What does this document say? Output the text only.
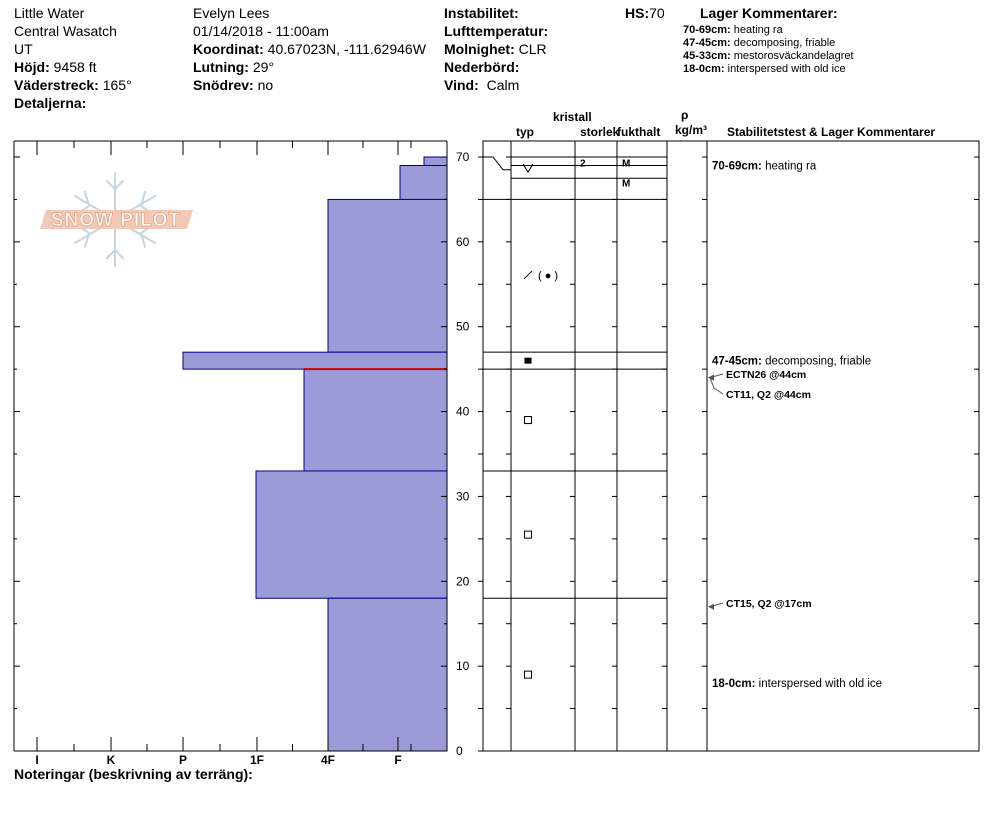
Little Water
Central Wasatch
UT
Höjd: 9458 ft
Väderstreck: 165°
Detaljerna:
Evelyn Lees
01/14/2018 - 11:00am
Koordinat: 40.67023N, -111.62946W
Lutning: 29°
Snödrev: no
Instabilitet:
Lufttemperatur:
Molnighet: CLR
Nederbörd:
Vind: Calm
HS:70	Lager Kommentarer:
70-69cm: heating ra
47-45cm: decomposing, friable
45-33cm: mestorosväckandelagret
18-0cm: interspersed with old ice
kristall
typ	storlek
fukthalt
ρ
kg/m³ Stabilitetstest & Lager Kommentarer
SNOW PILOT
0
10
20
30
40
50
60
70
I	K	P	1F	4F	F
2	M
M
( ● )
70-69cm: heating ra
47-45cm: decomposing, friable
18-0cm: interspersed with old ice
ECTN26 @44cm
CT11, Q2 @44cm
CT15, Q2 @17cm
Noteringar (beskrivning av terräng):
